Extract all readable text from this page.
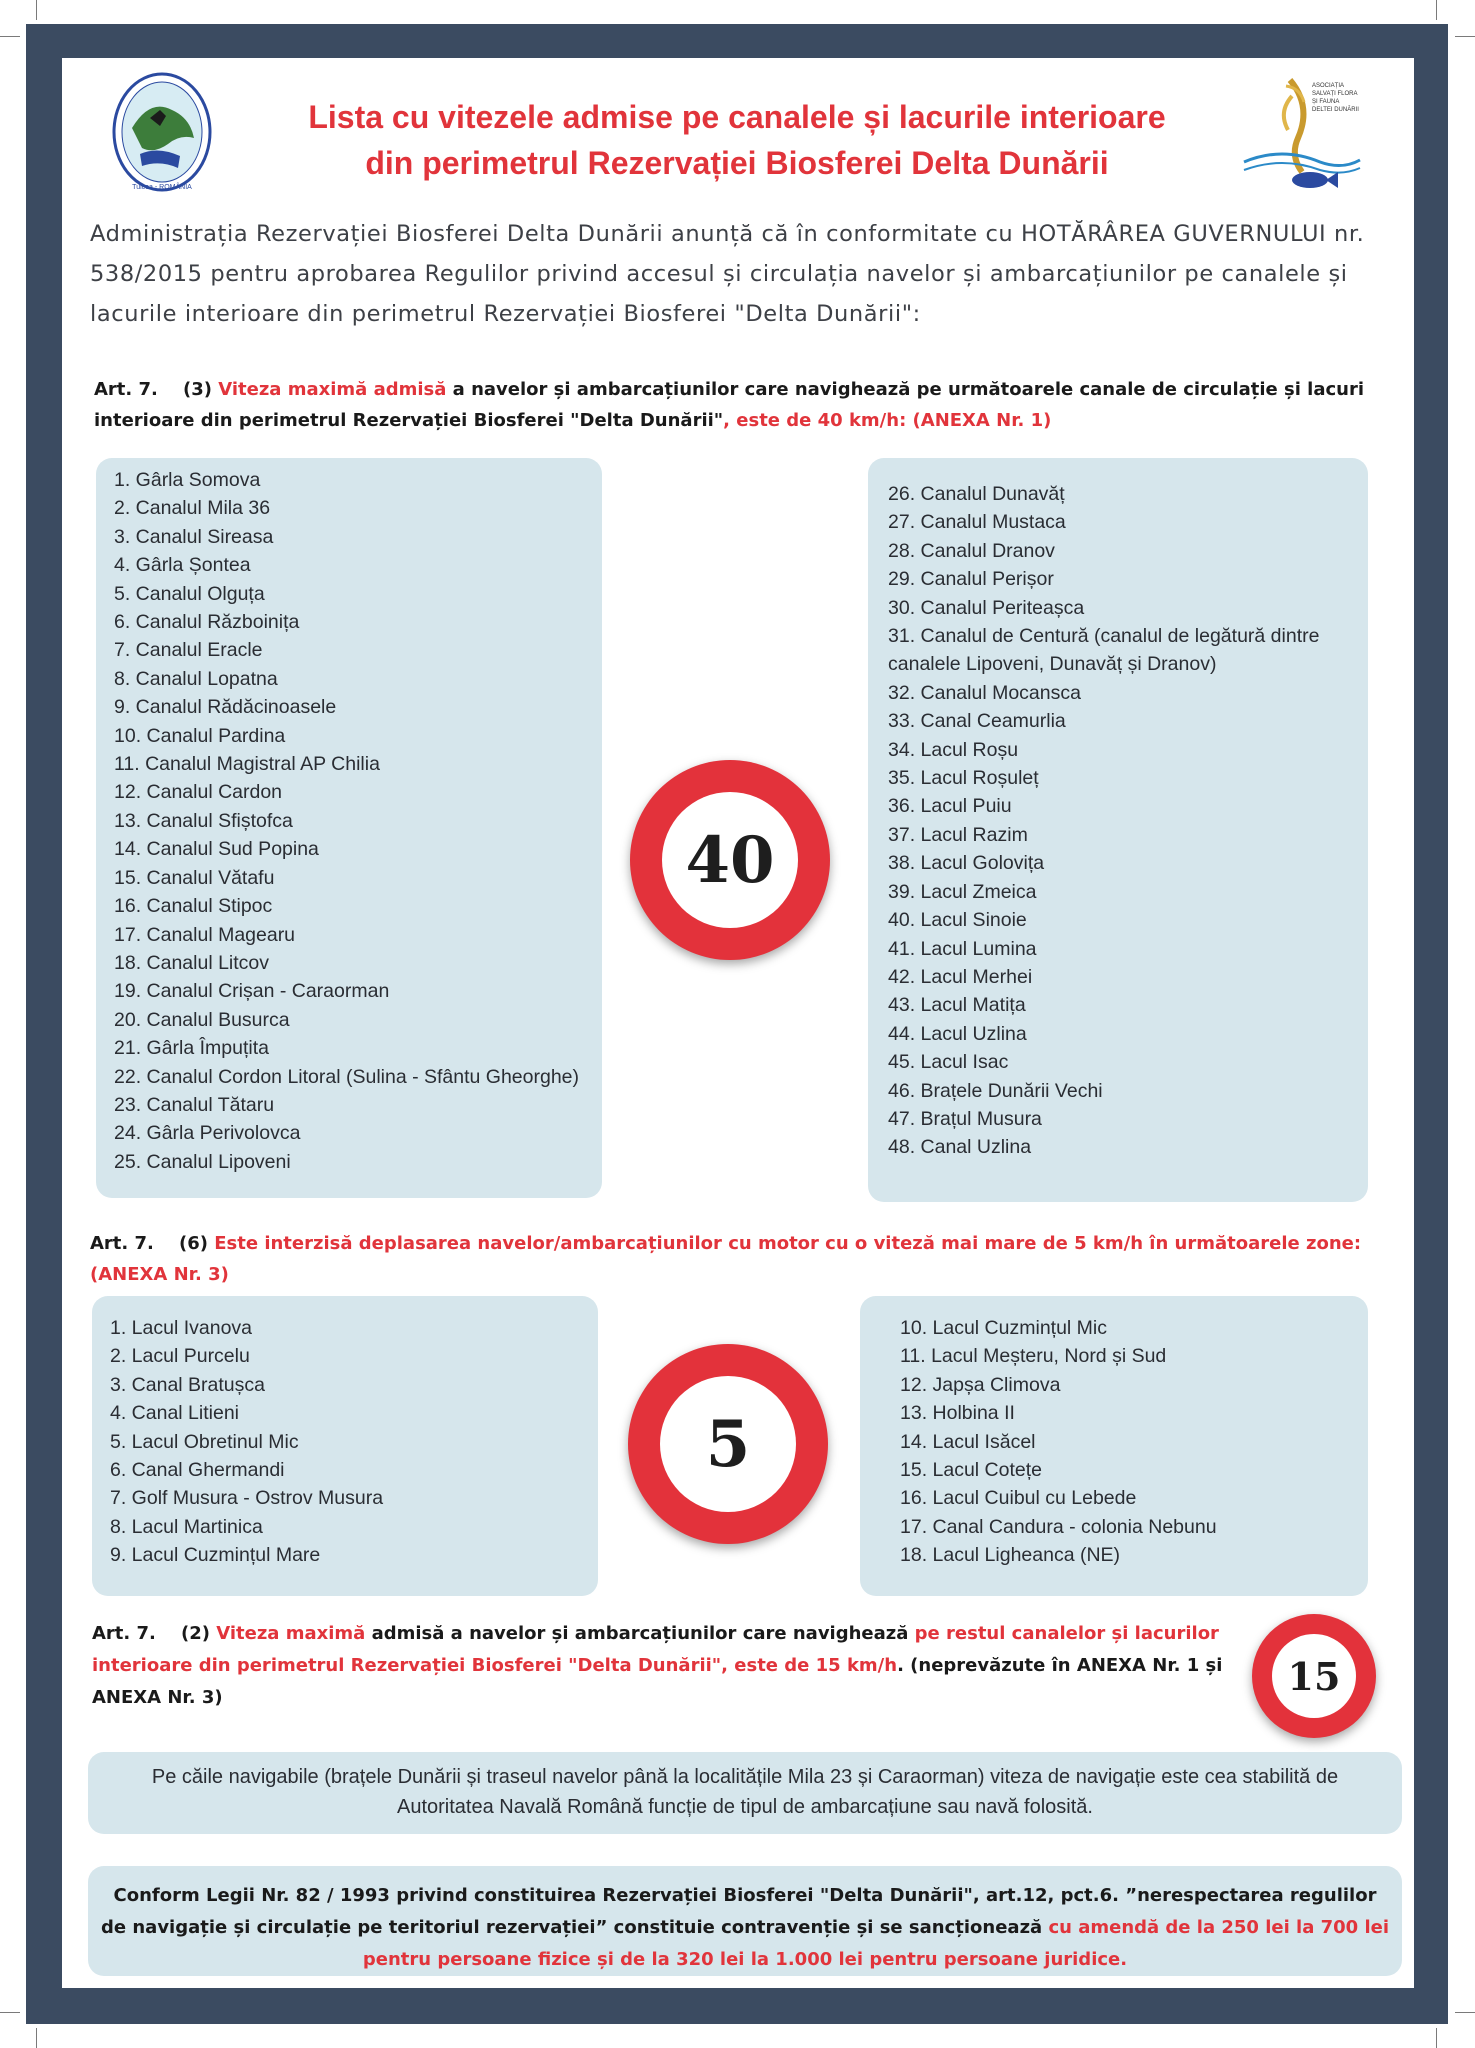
Tulcea - ROMÂNIA
ASOCIAȚIA SALVAȚI FLORA ȘI FAUNA DELTEI DUNĂRII
Lista cu vitezele admise pe canalele și lacurile interioare
din perimetrul Rezervației Biosferei Delta Dunării
Administrația Rezervației Biosferei Delta Dunării anunță că în conformitate cu HOTĂRÂREA GUVERNULUI nr. 538/2015 pentru aprobarea Regulilor privind accesul și circulația navelor și ambarcațiunilor pe canalele și lacurile interioare din perimetrul Rezervației Biosferei "Delta Dunării":
Art. 7. (3) Viteza maximă admisă a navelor și ambarcațiunilor care navighează pe următoarele canale de circulație și lacuri interioare din perimetrul Rezervației Biosferei "Delta Dunării", este de 40 km/h: (ANEXA Nr. 1)
1. Gârla Somova
2. Canalul Mila 36
3. Canalul Sireasa
4. Gârla Șontea
5. Canalul Olguța
6. Canalul Războinița
7. Canalul Eracle
8. Canalul Lopatna
9. Canalul Rădăcinoasele
10. Canalul Pardina
11. Canalul Magistral AP Chilia
12. Canalul Cardon
13. Canalul Sfiștofca
14. Canalul Sud Popina
15. Canalul Vătafu
16. Canalul Stipoc
17. Canalul Magearu
18. Canalul Litcov
19. Canalul Crișan - Caraorman
20. Canalul Busurca
21. Gârla Împuțita
22. Canalul Cordon Litoral (Sulina - Sfântu Gheorghe)
23. Canalul Tătaru
24. Gârla Perivolovca
25. Canalul Lipoveni
26. Canalul Dunavăț
27. Canalul Mustaca
28. Canalul Dranov
29. Canalul Perișor
30. Canalul Periteașca
31. Canalul de Centură (canalul de legătură dintre canalele Lipoveni, Dunavăț și Dranov)
32. Canalul Mocansca
33. Canal Ceamurlia
34. Lacul Roșu
35. Lacul Roșuleț
36. Lacul Puiu
37. Lacul Razim
38. Lacul Golovița
39. Lacul Zmeica
40. Lacul Sinoie
41. Lacul Lumina
42. Lacul Merhei
43. Lacul Matița
44. Lacul Uzlina
45. Lacul Isac
46. Brațele Dunării Vechi
47. Brațul Musura
48. Canal Uzlina
40
Art. 7. (6) Este interzisă deplasarea navelor/ambarcațiunilor cu motor cu o viteză mai mare de 5 km/h în următoarele zone:
(ANEXA Nr. 3)
1. Lacul Ivanova
2. Lacul Purcelu
3. Canal Bratușca
4. Canal Litieni
5. Lacul Obretinul Mic
6. Canal Ghermandi
7. Golf Musura - Ostrov Musura
8. Lacul Martinica
9. Lacul Cuzmințul Mare
10. Lacul Cuzmințul Mic
11. Lacul Meșteru, Nord și Sud
12. Japșa Climova
13. Holbina II
14. Lacul Isăcel
15. Lacul Cotețe
16. Lacul Cuibul cu Lebede
17. Canal Candura - colonia Nebunu
18. Lacul Ligheanca (NE)
5
Art. 7. (2) Viteza maximă admisă a navelor și ambarcațiunilor care navighează pe restul canalelor și lacurilor interioare din perimetrul Rezervației Biosferei "Delta Dunării", este de 15 km/h. (neprevăzute în ANEXA Nr. 1 și ANEXA Nr. 3)	15
Pe căile navigabile (brațele Dunării și traseul navelor până la localitățile Mila 23 și Caraorman) viteza de navigație este cea stabilită de Autoritatea Navală Română funcție de tipul de ambarcațiune sau navă folosită.
Conform Legii Nr. 82 / 1993 privind constituirea Rezervației Biosferei "Delta Dunării", art.12, pct.6. ”nerespectarea regulilor de navigație și circulație pe teritoriul rezervației” constituie contravenție și se sancționează cu amendă de la 250 lei la 700 lei pentru persoane fizice și de la 320 lei la 1.000 lei pentru persoane juridice.
